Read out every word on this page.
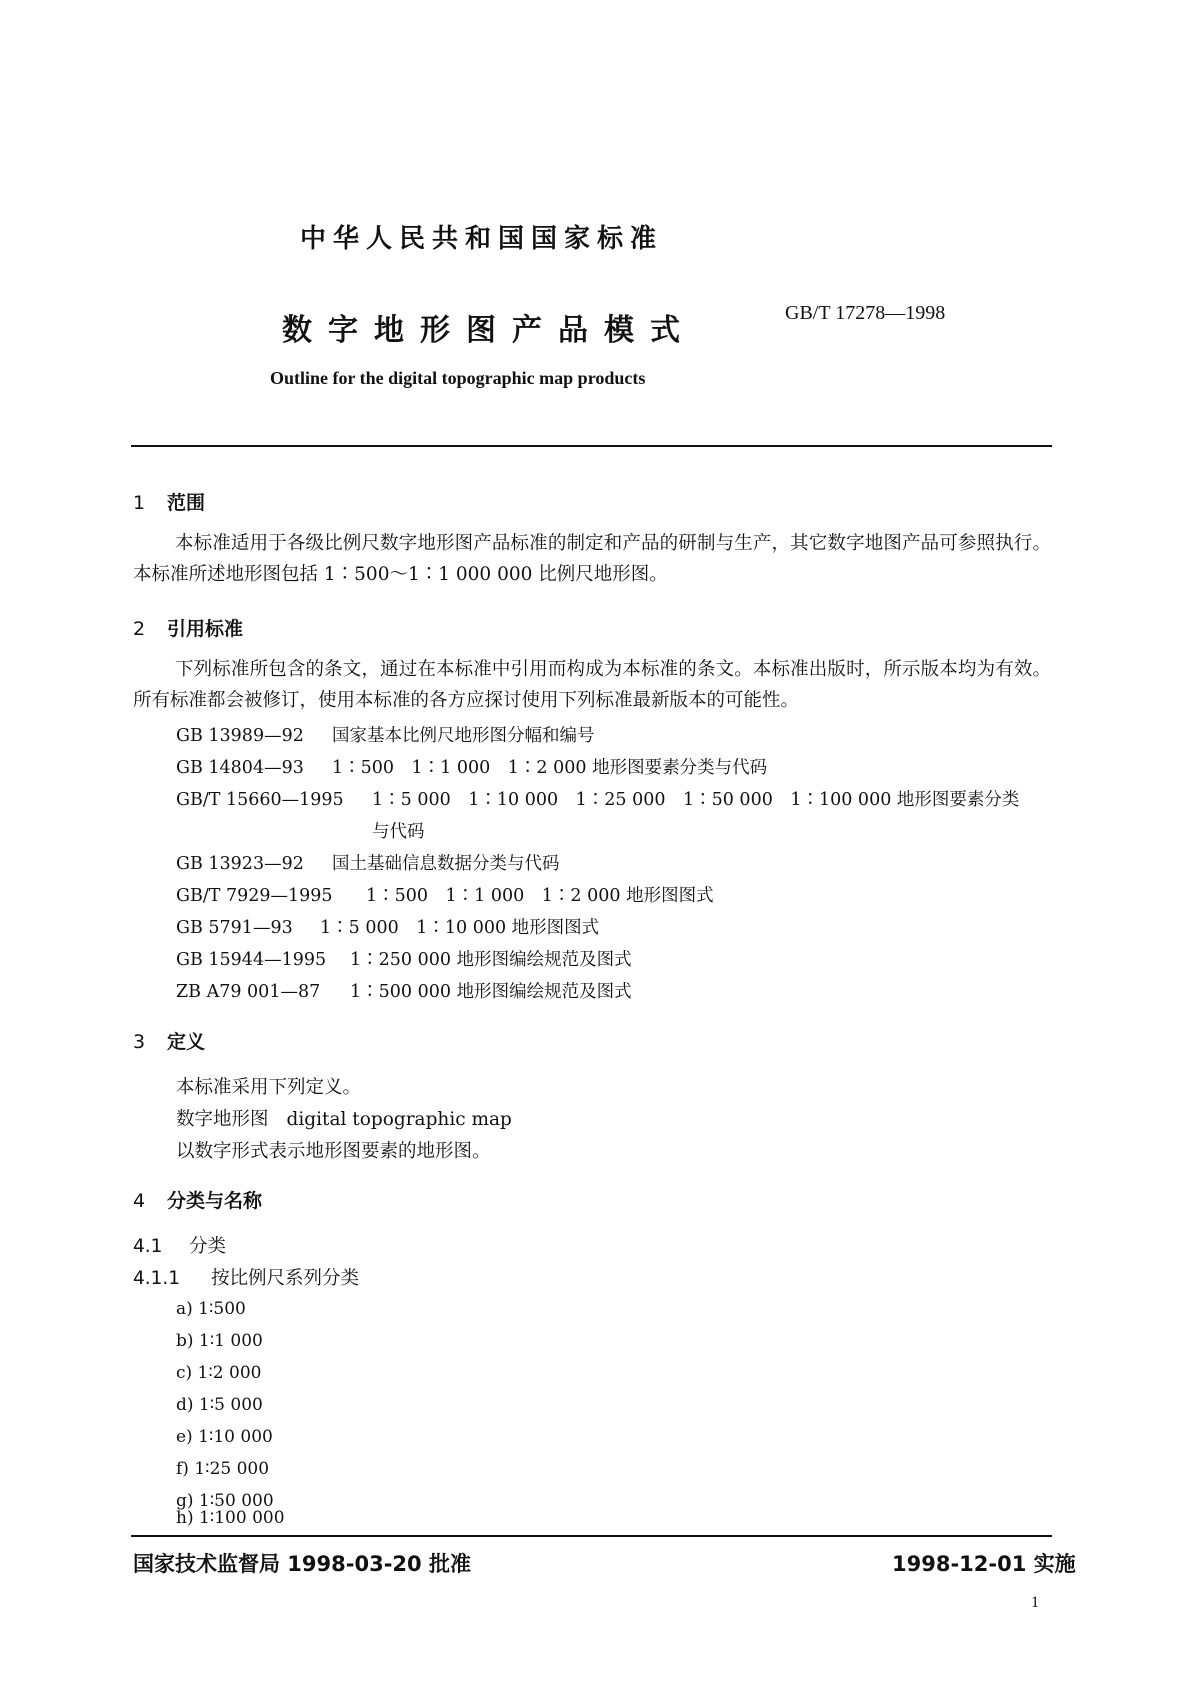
中华人民共和国国家标准
数字地形图产品模式	GB/T 17278—1998
Outline for the digital topographic map products
1 范围
本标准适用于各级比例尺数字地形图产品标准的制定和产品的研制与生产，其它数字地图产品可参照执行。本标准所述地形图包括 1∶500～1∶1 000 000 比例尺地形图。
2 引用标准
下列标准所包含的条文，通过在本标准中引用而构成为本标准的条文。本标准出版时，所示版本均为有效。所有标准都会被修订，使用本标准的各方应探讨使用下列标准最新版本的可能性。
GB 13989—92 国家基本比例尺地形图分幅和编号
GB 14804—93 1∶500　1∶1 000　1∶2 000 地形图要素分类与代码
GB/T 15660—1995 1∶5 000　1∶10 000　1∶25 000　1∶50 000　1∶100 000 地形图要素分类
与代码
GB 13923—92 国土基础信息数据分类与代码
GB/T 7929—1995 1∶500　1∶1 000　1∶2 000 地形图图式
GB 5791—93 1∶5 000　1∶10 000 地形图图式
GB 15944—1995 1∶250 000 地形图编绘规范及图式
ZB A79 001—87 1∶500 000 地形图编绘规范及图式
3 定义
本标准采用下列定义。
数字地形图 digital topographic map
以数字形式表示地形图要素的地形图。
4 分类与名称
4.1 分类
4.1.1 按比例尺系列分类
a) 1∶500
b) 1∶1 000
c) 1∶2 000
d) 1∶5 000
e) 1∶10 000
f) 1∶25 000
g) 1∶50 000
h) 1∶100 000
国家技术监督局 1998-03-20 批准	1998-12-01 实施
1
